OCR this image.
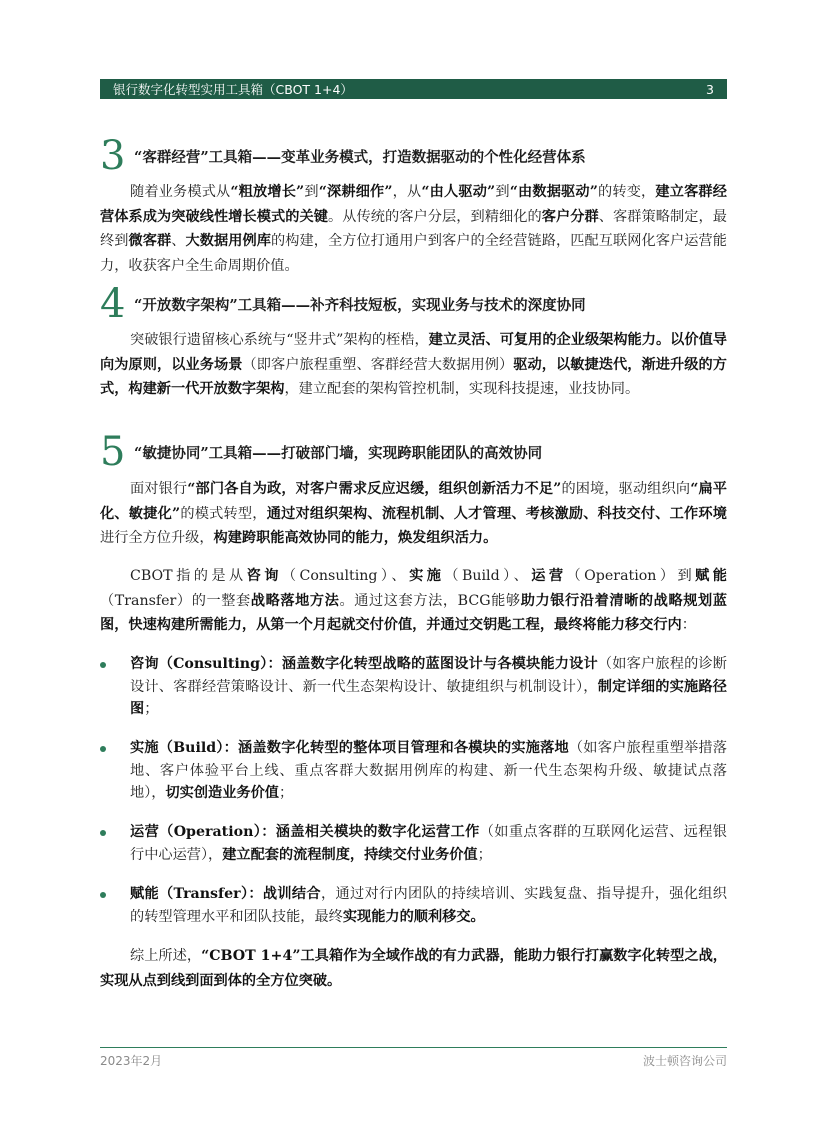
银行数字化转型实用工具箱（CBOT 1+4）	3
3 “客群经营”工具箱——变革业务模式，打造数据驱动的个性化经营体系

随着业务模式从“粗放增长”到“深耕细作”，从“由人驱动”到“由数据驱动”的转变，建立客群经营体系成为突破线性增长模式的关键。从传统的客户分层，到精细化的客户分群、客群策略制定，最终到微客群、大数据用例库的构建，全方位打通用户到客户的全经营链路，匹配互联网化客户运营能力，收获客户全生命周期价值。

4 “开放数字架构”工具箱——补齐科技短板，实现业务与技术的深度协同

突破银行遗留核心系统与“竖井式”架构的桎梏，建立灵活、可复用的企业级架构能力。以价值导向为原则，以业务场景（即客户旅程重塑、客群经营大数据用例）驱动，以敏捷迭代，渐进升级的方式，构建新一代开放数字架构，建立配套的架构管控机制，实现科技提速，业技协同。

5 “敏捷协同”工具箱——打破部门墙，实现跨职能团队的高效协同

面对银行“部门各自为政，对客户需求反应迟缓，组织创新活力不足”的困境，驱动组织向“扁平化、敏捷化”的模式转型，通过对组织架构、流程机制、人才管理、考核激励、科技交付、工作环境进行全方位升级，构建跨职能高效协同的能力，焕发组织活力。

CBOT指的是从咨询（Consulting）、实施（Build）、运营（Operation）到赋能（Transfer）的一整套战略落地方法。通过这套方法，BCG能够助力银行沿着清晰的战略规划蓝图，快速构建所需能力，从第一个月起就交付价值，并通过交钥匙工程，最终将能力移交行内：

咨询（Consulting）：涵盖数字化转型战略的蓝图设计与各模块能力设计（如客户旅程的诊断设计、客群经营策略设计、新一代生态架构设计、敏捷组织与机制设计），制定详细的实施路径图；

实施（Build）：涵盖数字化转型的整体项目管理和各模块的实施落地（如客户旅程重塑举措落地、客户体验平台上线、重点客群大数据用例库的构建、新一代生态架构升级、敏捷试点落地），切实创造业务价值；

运营（Operation）：涵盖相关模块的数字化运营工作（如重点客群的互联网化运营、远程银行中心运营），建立配套的流程制度，持续交付业务价值；

赋能（Transfer）：战训结合，通过对行内团队的持续培训、实践复盘、指导提升，强化组织的转型管理水平和团队技能，最终实现能力的顺利移交。

综上所述，“CBOT 1+4”工具箱作为全域作战的有力武器，能助力银行打赢数字化转型之战，实现从点到线到面到体的全方位突破。

2023年2月	波士顿咨询公司
